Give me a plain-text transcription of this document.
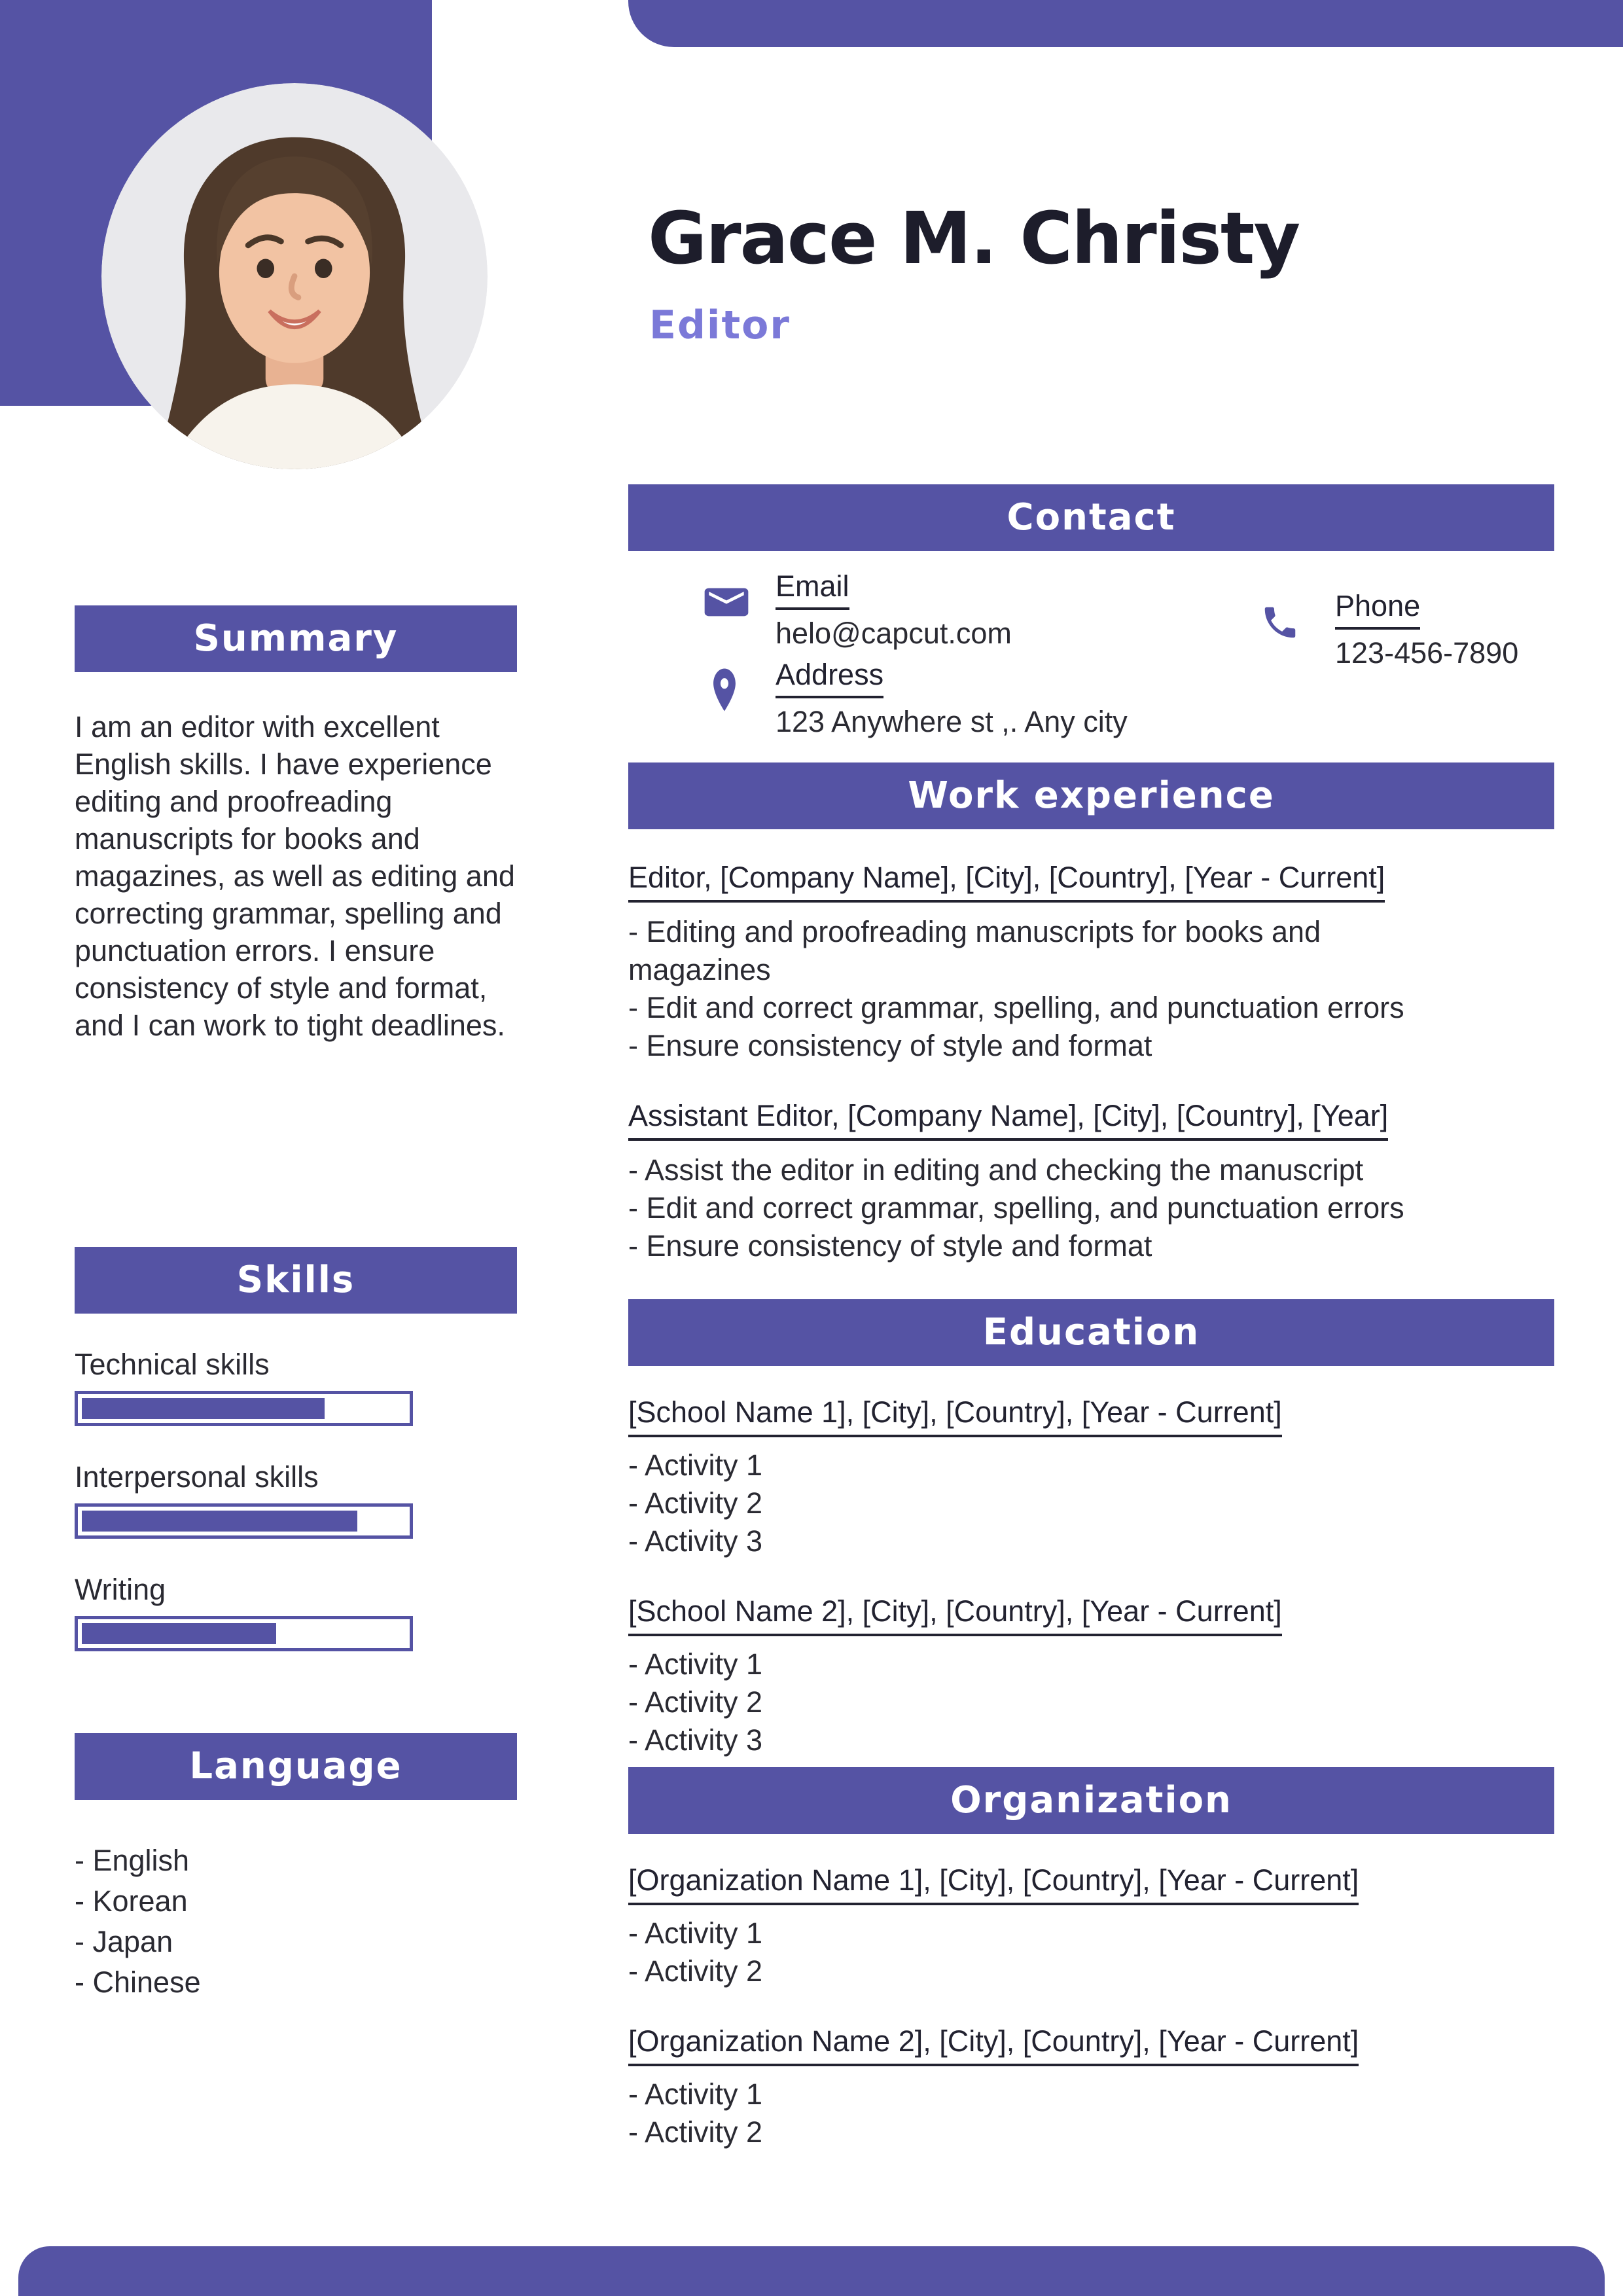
Grace M. Christy
Editor
Summary
I am an editor with excellent English skills. I have experience editing and proofreading manuscripts for books and magazines, as well as editing and correcting grammar, spelling and punctuation errors. I ensure consistency of style and format, and I can work to tight deadlines.
Skills
Technical skills
Interpersonal skills
Writing
Language
- English
- Korean
- Japan
- Chinese
Contact
Email
helo@capcut.com
Phone
123-456-7890
Address
123 Anywhere st ,. Any city
Work experience
Editor, [Company Name], [City], [Country], [Year - Current]
- Editing and proofreading manuscripts for books and magazines
- Edit and correct grammar, spelling, and punctuation errors
- Ensure consistency of style and format
Assistant Editor, [Company Name], [City], [Country], [Year]
- Assist the editor in editing and checking the manuscript
- Edit and correct grammar, spelling, and punctuation errors
- Ensure consistency of style and format
Education
[School Name 1], [City], [Country], [Year - Current]
- Activity 1
- Activity 2
- Activity 3
[School Name 2], [City], [Country], [Year - Current]
- Activity 1
- Activity 2
- Activity 3
Organization
[Organization Name 1], [City], [Country], [Year - Current]
- Activity 1
- Activity 2
[Organization Name 2], [City], [Country], [Year - Current]
- Activity 1
- Activity 2
